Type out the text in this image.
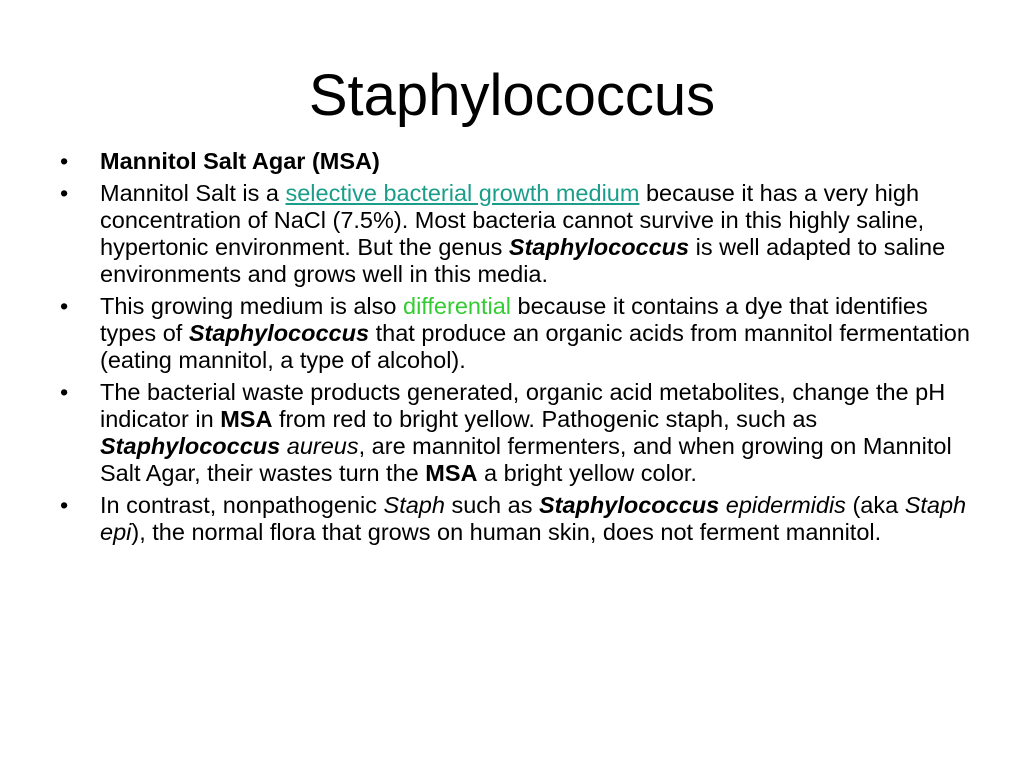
Staphylococcus
•	Mannitol Salt Agar (MSA)
•	Mannitol Salt is a selective bacterial growth medium because it has a very high concentration of NaCl (7.5%). Most bacteria cannot survive in this highly saline, hypertonic environment. But the genus Staphylococcus is well adapted to saline environments and grows well in this media.
•	This growing medium is also differential because it contains a dye that identifies types of Staphylococcus that produce an organic acids from mannitol fermentation (eating mannitol, a type of alcohol).
•	The bacterial waste products generated, organic acid metabolites, change the pH indicator in MSA from red to bright yellow. Pathogenic staph, such as Staphylococcus aureus, are mannitol fermenters, and when growing on Mannitol Salt Agar, their wastes turn the MSA a bright yellow color.
•	In contrast, nonpathogenic Staph such as Staphylococcus epidermidis (aka Staph epi), the normal flora that grows on human skin, does not ferment mannitol.
